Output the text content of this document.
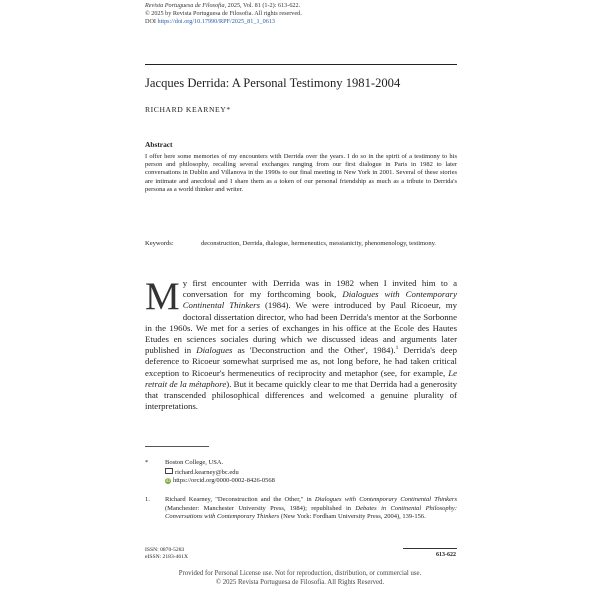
Revista Portuguesa de Filosofia, 2025, Vol. 81 (1-2): 613-622.
© 2025 by Revista Portuguesa de Filosofia. All rights reserved.
DOI https://doi.org/10.17990/RPF/2025_81_1_0613
Jacques Derrida: A Personal Testimony 1981-2004
RICHARD KEARNEY*
Abstract
I offer here some memories of my encounters with Derrida over the years. I do so in the spirit of a testimony to his person and philosophy, recalling several exchanges ranging from our first dialogue in Paris in 1982 to later conversations in Dublin and Villanova in the 1990s to our final meeting in New York in 2001. Several of these stories are intimate and anecdotal and I share them as a token of our personal friendship as much as a tribute to Derrida's persona as a world thinker and writer.
Keywords:	deconstruction, Derrida, dialogue, hermeneutics, messianicity, phenomenology, testimony.
My first encounter with Derrida was in 1982 when I invited him to a conversation for my forthcoming book, Dialogues with Contemporary Continental Thinkers (1984). We were introduced by Paul Ricoeur, my doctoral dissertation director, who had been Derrida's mentor at the Sorbonne in the 1960s. We met for a series of exchanges in his office at the Ecole des Hautes Etudes en sciences sociales during which we discussed ideas and arguments later published in Dialogues as 'Deconstruction and the Other', 1984).$^1$ Derrida's deep deference to Ricoeur somewhat surprised me as, not long before, he had taken critical exception to Ricoeur's hermeneutics of reciprocity and metaphor (see, for example, Le retrait de la métaphore). But it became quickly clear to me that Derrida had a generosity that transcended philosophical differences and welcomed a genuine plurality of interpretations.
*	Boston College, USA.
richard.kearney@bc.edu
iD https://orcid.org/0000-0002-8426-0568
1.	Richard Kearney, "Deconstruction and the Other," in Dialogues with Contemporary Continental Thinkers (Manchester: Manchester University Press, 1984); republished in Debates in Continental Philosophy: Conversations with Contemporary Thinkers (New York: Fordham University Press, 2004), 139-156.
ISSN: 0870-5283
eISSN: 2183-461X	613-622
Provided for Personal License use. Not for reproduction, distribution, or commercial use.
© 2025 Revista Portuguesa de Filosofia. All Rights Reserved.
